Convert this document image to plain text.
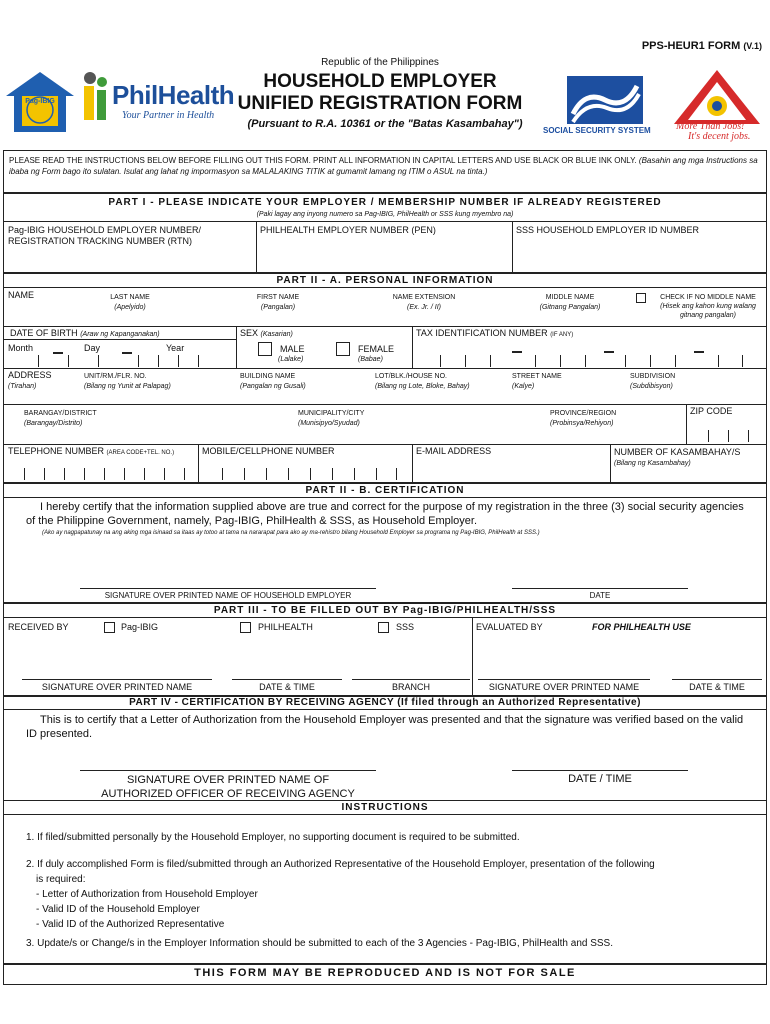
PPS-HEUR1 FORM (V.1)
Pag-IBIG PhilHealth
Your Partner in Health
Republic of the Philippines
HOUSEHOLD EMPLOYER
UNIFIED REGISTRATION FORM
(Pursuant to R.A. 10361 or the "Batas Kasambahay")
SOCIAL SECURITY SYSTEM	More Than Jobs!
It's decent jobs.
PLEASE READ THE INSTRUCTIONS BELOW BEFORE FILLING OUT THIS FORM. PRINT ALL INFORMATION IN CAPITAL LETTERS AND USE BLACK OR BLUE INK ONLY. (Basahin ang mga Instructions sa ibaba ng Form bago ito sulatan. Isulat ang lahat ng impormasyon sa MALALAKING TITIK at gumamit lamang ng ITIM o ASUL na tinta.)
PART I - PLEASE INDICATE YOUR EMPLOYER / MEMBERSHIP NUMBER IF ALREADY REGISTERED
(Paki lagay ang inyong numero sa Pag-IBIG, PhilHealth or SSS kung myembro na)
Pag-IBIG HOUSEHOLD EMPLOYER NUMBER/
REGISTRATION TRACKING NUMBER (RTN)
PHILHEALTH EMPLOYER NUMBER (PEN)	SSS HOUSEHOLD EMPLOYER ID NUMBER
PART II - A. PERSONAL INFORMATION
NAME	LAST NAME
(Apelyido)
FIRST NAME
(Pangalan)
NAME EXTENSION
(Ex. Jr. / II)
MIDDLE NAME
(Gitnang Pangalan)
CHECK IF NO MIDDLE NAME
(Hisek ang kahon kung walang
gitnang pangalan)
DATE OF BIRTH (Araw ng Kapanganakan)
Month	Day	Year
SEX (Kasarian)
MALE
(Lalake)
FEMALE
(Babae)
TAX IDENTIFICATION NUMBER (IF ANY)
ADDRESS
(Tirahan)
UNIT/RM./FLR. NO.
(Bilang ng Yunit at Palapag)
BUILDING NAME
(Pangalan ng Gusali)
LOT/BLK./HOUSE NO.
(Bilang ng Lote, Bloke, Bahay)
STREET NAME
(Kalye)
SUBDIVISION
(Subdibisyon)
BARANGAY/DISTRICT
(Barangay/Distrito)
MUNICIPALITY/CITY
(Munisipyo/Syudad)
PROVINCE/REGION
(Probinsya/Rehiyon)
ZIP CODE
TELEPHONE NUMBER (AREA CODE+TEL. NO.)	MOBILE/CELLPHONE NUMBER	E-MAIL ADDRESS	NUMBER OF KASAMBAHAY/S
(Bilang ng Kasambahay)
PART II - B. CERTIFICATION
I hereby certify that the information supplied above are true and correct for the purpose of my registration in the three (3) social security agencies of the Philippine Government, namely, Pag-IBIG, PhilHealth & SSS, as Household Employer.
(Ako ay nagpapatunay na ang aking mga isinaad sa itaas ay totoo at tama na nararapat para ako ay ma-rehistro bilang Household Employer sa programa ng Pag-IBIG, PhilHealth at SSS.)
SIGNATURE OVER PRINTED NAME OF HOUSEHOLD EMPLOYER	DATE
PART III - TO BE FILLED OUT BY Pag-IBIG/PHILHEALTH/SSS
RECEIVED BY	Pag-IBIG	PHILHEALTH	SSS	EVALUATED BY	FOR PHILHEALTH USE
SIGNATURE OVER PRINTED NAME	DATE & TIME	BRANCH	SIGNATURE OVER PRINTED NAME	DATE & TIME
PART IV - CERTIFICATION BY RECEIVING AGENCY (If filed through an Authorized Representative)
This is to certify that a Letter of Authorization from the Household Employer was presented and that the signature was verified based on the valid ID presented.
SIGNATURE OVER PRINTED NAME OF
AUTHORIZED OFFICER OF RECEIVING AGENCY
DATE / TIME
INSTRUCTIONS
1. If filed/submitted personally by the Household Employer, no supporting document is required to be submitted.
2. If duly accomplished Form is filed/submitted through an Authorized Representative of the Household Employer, presentation of the following
is required:
- Letter of Authorization from Household Employer
- Valid ID of the Household Employer
- Valid ID of the Authorized Representative
3. Update/s or Change/s in the Employer Information should be submitted to each of the 3 Agencies - Pag-IBIG, PhilHealth and SSS.
THIS FORM MAY BE REPRODUCED AND IS NOT FOR SALE
